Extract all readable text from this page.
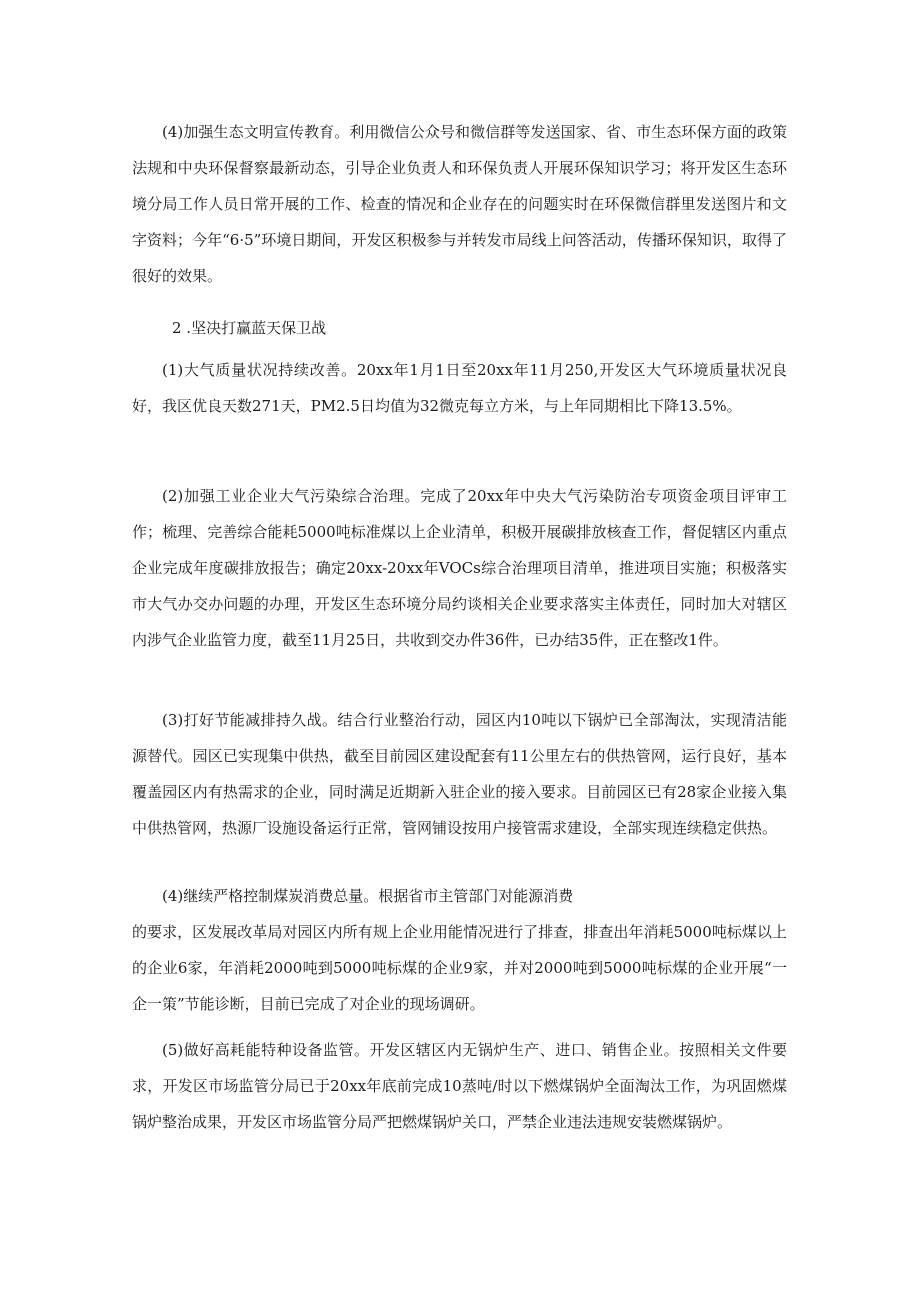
(4)加强生态文明宣传教育。利用微信公众号和微信群等发送国家、省、市生态环保方面的政策法规和中央环保督察最新动态，引导企业负责人和环保负责人开展环保知识学习；将开发区生态环境分局工作人员日常开展的工作、检查的情况和企业存在的问题实时在环保微信群里发送图片和文字资料；今年“6·5”环境日期间，开发区积极参与并转发市局线上问答活动，传播环保知识，取得了很好的效果。

2 .坚决打赢蓝天保卫战

(1)大气质量状况持续改善。20xx年1月1日至20xx年11月250,开发区大气环境质量状况良好，我区优良天数271天，PM2.5日均值为32微克每立方米，与上年同期相比下降13.5%。

(2)加强工业企业大气污染综合治理。完成了20xx年中央大气污染防治专项资金项目评审工作；梳理、完善综合能耗5000吨标准煤以上企业清单，积极开展碳排放核查工作，督促辖区内重点企业完成年度碳排放报告；确定20xx-20xx年VOCs综合治理项目清单，推进项目实施；积极落实市大气办交办问题的办理，开发区生态环境分局约谈相关企业要求落实主体责任，同时加大对辖区内涉气企业监管力度，截至11月25日，共收到交办件36件，已办结35件，正在整改1件。

(3)打好节能减排持久战。结合行业整治行动，园区内10吨以下锅炉已全部淘汰，实现清洁能源替代。园区已实现集中供热，截至目前园区建设配套有11公里左右的供热管网，运行良好，基本覆盖园区内有热需求的企业，同时满足近期新入驻企业的接入要求。目前园区已有28家企业接入集中供热管网，热源厂设施设备运行正常，管网铺设按用户接管需求建设，全部实现连续稳定供热。

(4)继续严格控制煤炭消费总量。根据省市主管部门对能源消费

的要求，区发展改革局对园区内所有规上企业用能情况进行了排查，排查出年消耗5000吨标煤以上的企业6家，年消耗2000吨到5000吨标煤的企业9家，并对2000吨到5000吨标煤的企业开展“一企一策”节能诊断，目前已完成了对企业的现场调研。

(5)做好高耗能特种设备监管。开发区辖区内无锅炉生产、进口、销售企业。按照相关文件要求，开发区市场监管分局已于20xx年底前完成10蒸吨/时以下燃煤锅炉全面淘汰工作，为巩固燃煤锅炉整治成果，开发区市场监管分局严把燃煤锅炉关口，严禁企业违法违规安装燃煤锅炉。
